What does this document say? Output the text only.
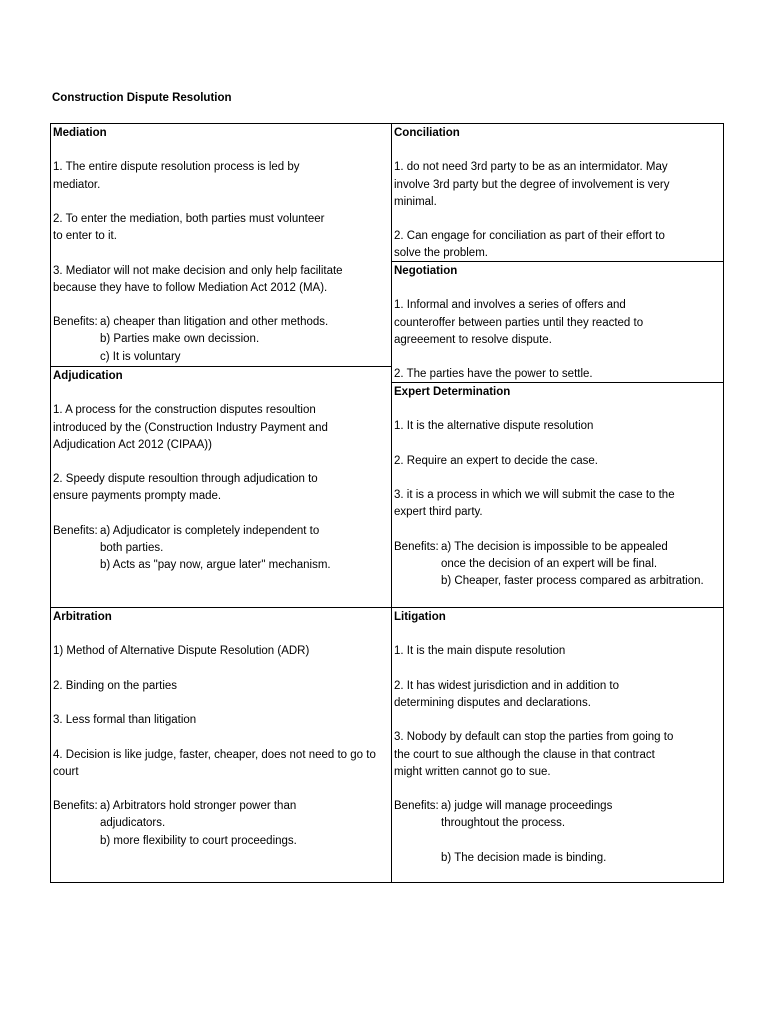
Construction Dispute Resolution
Mediation
1. The entire dispute resolution process is led by
mediator.
2. To enter the mediation, both parties must volunteer
to enter to it.
3. Mediator will not make decision and only help facilitate
because they have to follow Mediation Act 2012 (MA).
Benefits: a) cheaper than litigation and other methods.
b) Parties make own decission.
c) It is voluntary
Adjudication
1. A process for the construction disputes resoultion
introduced by the (Construction Industry Payment and
Adjudication Act 2012 (CIPAA))
2. Speedy dispute resoultion through adjudication to
ensure payments prompty made.
Benefits: a) Adjudicator is completely independent to
both parties.
b) Acts as "pay now, argue later" mechanism.
Arbitration
1) Method of Alternative Dispute Resolution (ADR)
2. Binding on the parties
3. Less formal than litigation
4. Decision is like judge, faster, cheaper, does not need to go to
court
Benefits: a) Arbitrators hold stronger power than
adjudicators.
b) more flexibility to court proceedings.
Conciliation
1. do not need 3rd party to be as an intermidator. May
involve 3rd party but the degree of involvement is very
minimal.
2. Can engage for conciliation as part of their effort to
solve the problem.
Negotiation
1. Informal and involves a series of offers and
counteroffer between parties until they reacted to
agreeement to resolve dispute.
2. The parties have the power to settle.
Expert Determination
1. It is the alternative dispute resolution
2. Require an expert to decide the case.
3. it is a process in which we will submit the case to the
expert third party.
Benefits: a) The decision is impossible to be appealed
once the decision of an expert will be final.
b) Cheaper, faster process compared as arbitration.
Litigation
1. It is the main dispute resolution
2. It has widest jurisdiction and in addition to
determining disputes and declarations.
3. Nobody by default can stop the parties from going to
the court to sue although the clause in that contract
might written cannot go to sue.
Benefits: a) judge will manage proceedings
throughtout the process.

b) The decision made is binding.
